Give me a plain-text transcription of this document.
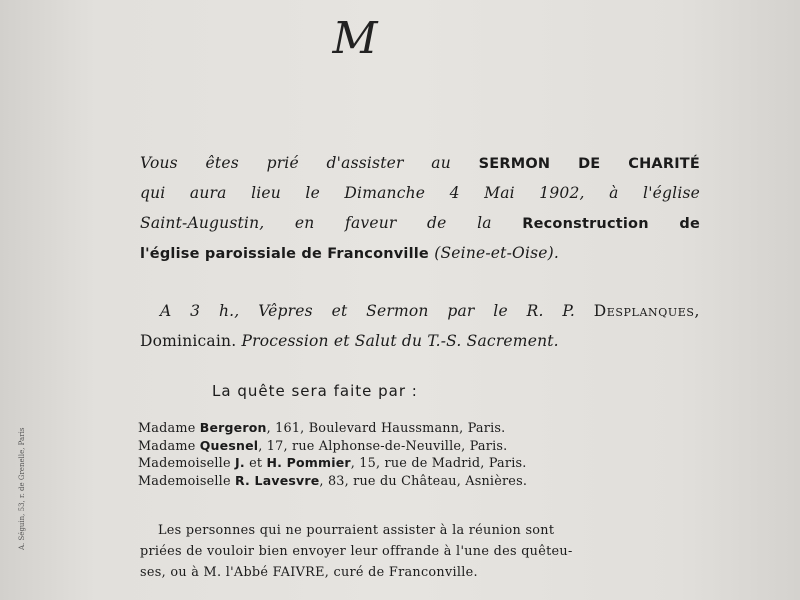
M
Vous êtes prié d'assister au SERMON DE CHARITÉ
qui aura lieu le Dimanche 4 Mai 1902, à l'église
Saint-Augustin, en faveur de la Reconstruction de
l'église paroissiale de Franconville (Seine-et-Oise).
A 3 h., Vêpres et Sermon par le R. P. Desplanques,
Dominicain. Procession et Salut du T.-S. Sacrement.
La quête sera faite par :
Madame Bergeron, 161, Boulevard Haussmann, Paris.
Madame Quesnel, 17, rue Alphonse-de-Neuville, Paris.
Mademoiselle J. et H. Pommier, 15, rue de Madrid, Paris.
Mademoiselle R. Lavesvre, 83, rue du Château, Asnières.
Les personnes qui ne pourraient assister à la réunion sont
priées de vouloir bien envoyer leur offrande à l'une des quêteu-
ses, ou à M. l'Abbé FAIVRE, curé de Franconville.
A. Séguin, 53, r. de Grenelle, Paris
